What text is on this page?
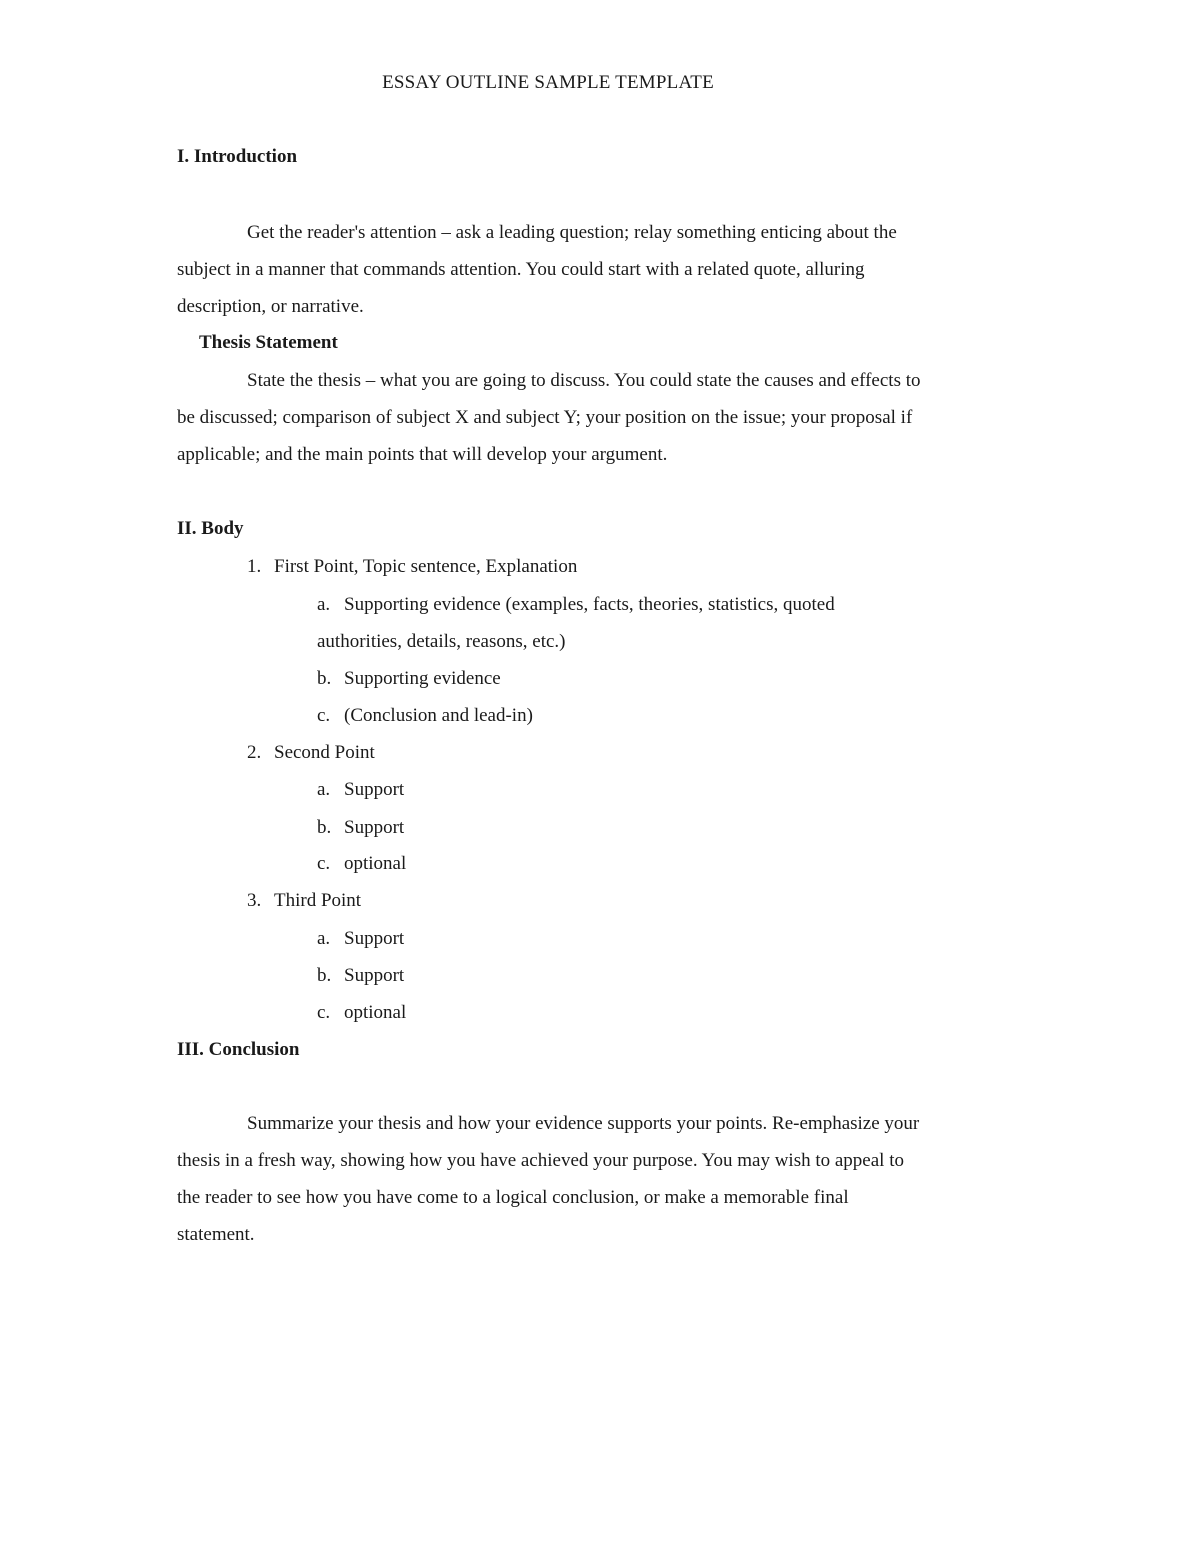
ESSAY OUTLINE SAMPLE TEMPLATE
I. Introduction

Get the reader's attention – ask a leading question; relay something enticing about the subject in a manner that commands attention. You could start with a related quote, alluring description, or narrative.

Thesis Statement

State the thesis – what you are going to discuss. You could state the causes and effects to be discussed; comparison of subject X and subject Y; your position on the issue; your proposal if applicable; and the main points that will develop your argument.

II. Body
1. First Point, Topic sentence, Explanation
a. Supporting evidence (examples, facts, theories, statistics, quoted authorities, details, reasons, etc.)
b. Supporting evidence
c. (Conclusion and lead-in)
2. Second Point
a. Support
b. Support
c. optional
3. Third Point
a. Support
b. Support
c. optional
III. Conclusion

Summarize your thesis and how your evidence supports your points. Re-emphasize your thesis in a fresh way, showing how you have achieved your purpose. You may wish to appeal to the reader to see how you have come to a logical conclusion, or make a memorable final statement.
